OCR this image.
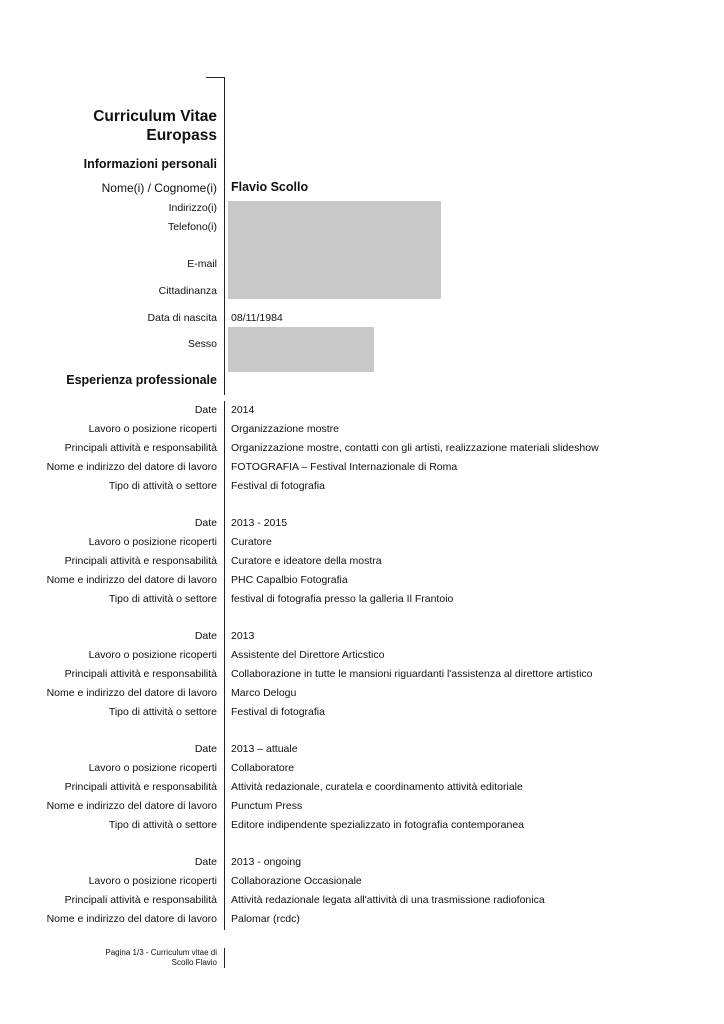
Curriculum Vitae
Europass
Informazioni personali
Nome(i) / Cognome(i) Flavio Scollo
Indirizzo(i)
Telefono(i)
E-mail
Cittadinanza
Data di nascita 08/11/1984
Sesso
Esperienza professionale
Date 2014
Lavoro o posizione ricoperti Organizzazione mostre
Principali attività e responsabilità Organizzazione mostre, contatti con gli artisti, realizzazione materiali slideshow
Nome e indirizzo del datore di lavoro FOTOGRAFIA – Festival Internazionale di Roma
Tipo di attività o settore Festival di fotografia
Date 2013 - 2015
Lavoro o posizione ricoperti Curatore
Principali attività e responsabilità Curatore e ideatore della mostra
Nome e indirizzo del datore di lavoro PHC Capalbio Fotografia
Tipo di attività o settore festival di fotografia presso la galleria Il Frantoio
Date 2013
Lavoro o posizione ricoperti Assistente del Direttore Articstico
Principali attività e responsabilità Collaborazione in tutte le mansioni riguardanti l'assistenza al direttore artistico
Nome e indirizzo del datore di lavoro Marco Delogu
Tipo di attività o settore Festival di fotografia
Date 2013 – attuale
Lavoro o posizione ricoperti Collaboratore
Principali attività e responsabilità Attività redazionale, curatela e coordinamento attività editoriale
Nome e indirizzo del datore di lavoro Punctum Press
Tipo di attività o settore Editore indipendente spezializzato in fotografia contemporanea
Date 2013 - ongoing
Lavoro o posizione ricoperti Collaborazione Occasionale
Principali attività e responsabilità Attività redazionale legata all'attività di una trasmissione radiofonica
Nome e indirizzo del datore di lavoro Palomar (rcdc)
Pagina 1/3 - Curriculum vitae di
Scollo Flavio
